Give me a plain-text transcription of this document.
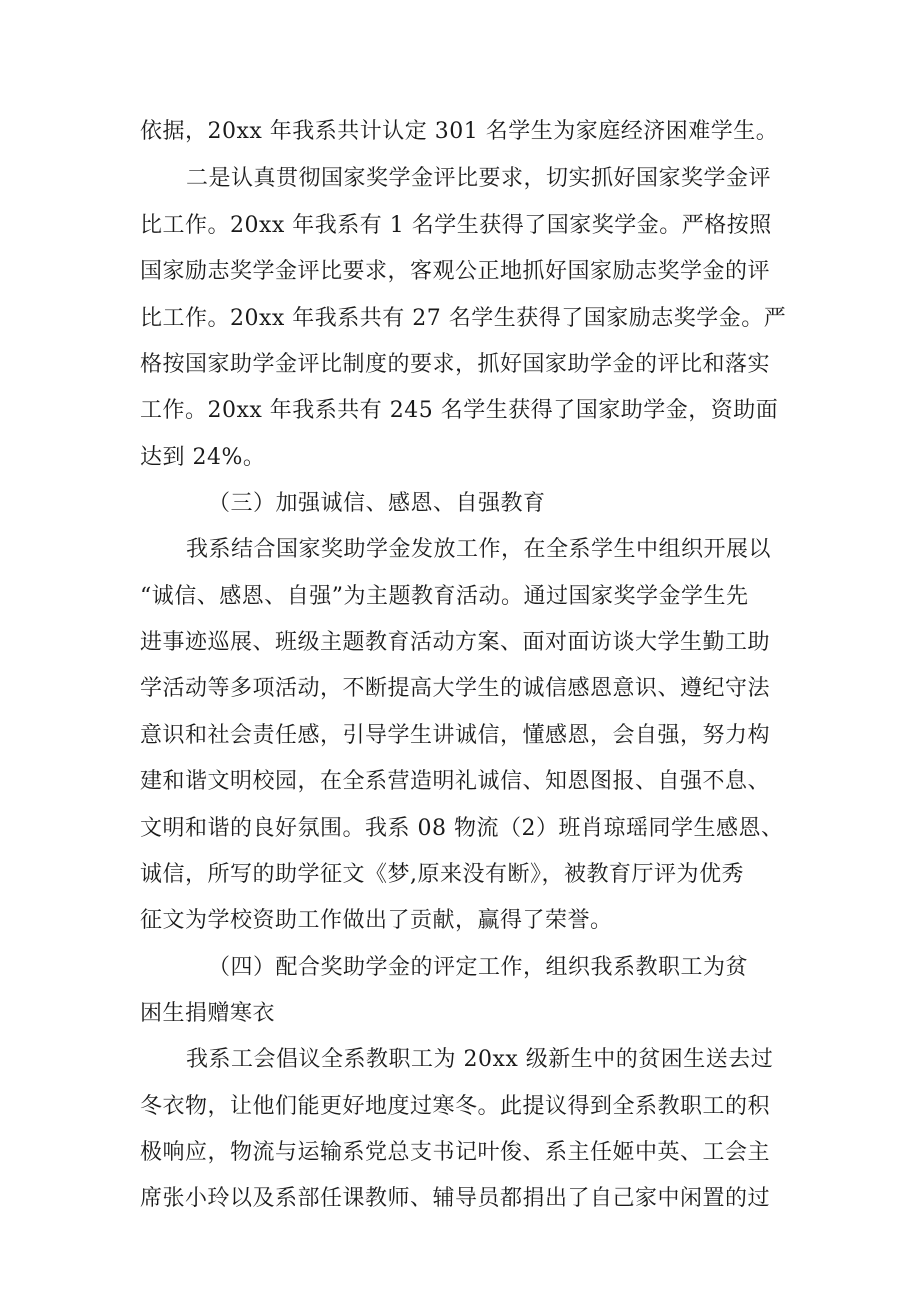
依据，20xx 年我系共计认定 301 名学生为家庭经济困难学生。
二是认真贯彻国家奖学金评比要求，切实抓好国家奖学金评
比工作。20xx 年我系有 1 名学生获得了国家奖学金。严格按照
国家励志奖学金评比要求，客观公正地抓好国家励志奖学金的评
比工作。20xx 年我系共有 27 名学生获得了国家励志奖学金。严
格按国家助学金评比制度的要求，抓好国家助学金的评比和落实
工作。20xx 年我系共有 245 名学生获得了国家助学金，资助面
达到 24%。
（三）加强诚信、感恩、自强教育
我系结合国家奖助学金发放工作，在全系学生中组织开展以
“诚信、感恩、自强”为主题教育活动。通过国家奖学金学生先
进事迹巡展、班级主题教育活动方案、面对面访谈大学生勤工助
学活动等多项活动，不断提高大学生的诚信感恩意识、遵纪守法
意识和社会责任感，引导学生讲诚信，懂感恩，会自强，努力构
建和谐文明校园，在全系营造明礼诚信、知恩图报、自强不息、
文明和谐的良好氛围。我系 08 物流（2）班肖琼瑶同学生感恩、
诚信，所写的助学征文《梦,原来没有断》，被教育厅评为优秀
征文为学校资助工作做出了贡献，赢得了荣誉。
（四）配合奖助学金的评定工作，组织我系教职工为贫
困生捐赠寒衣
我系工会倡议全系教职工为 20xx 级新生中的贫困生送去过
冬衣物，让他们能更好地度过寒冬。此提议得到全系教职工的积
极响应，物流与运输系党总支书记叶俊、系主任姬中英、工会主
席张小玲以及系部任课教师、辅导员都捐出了自己家中闲置的过
